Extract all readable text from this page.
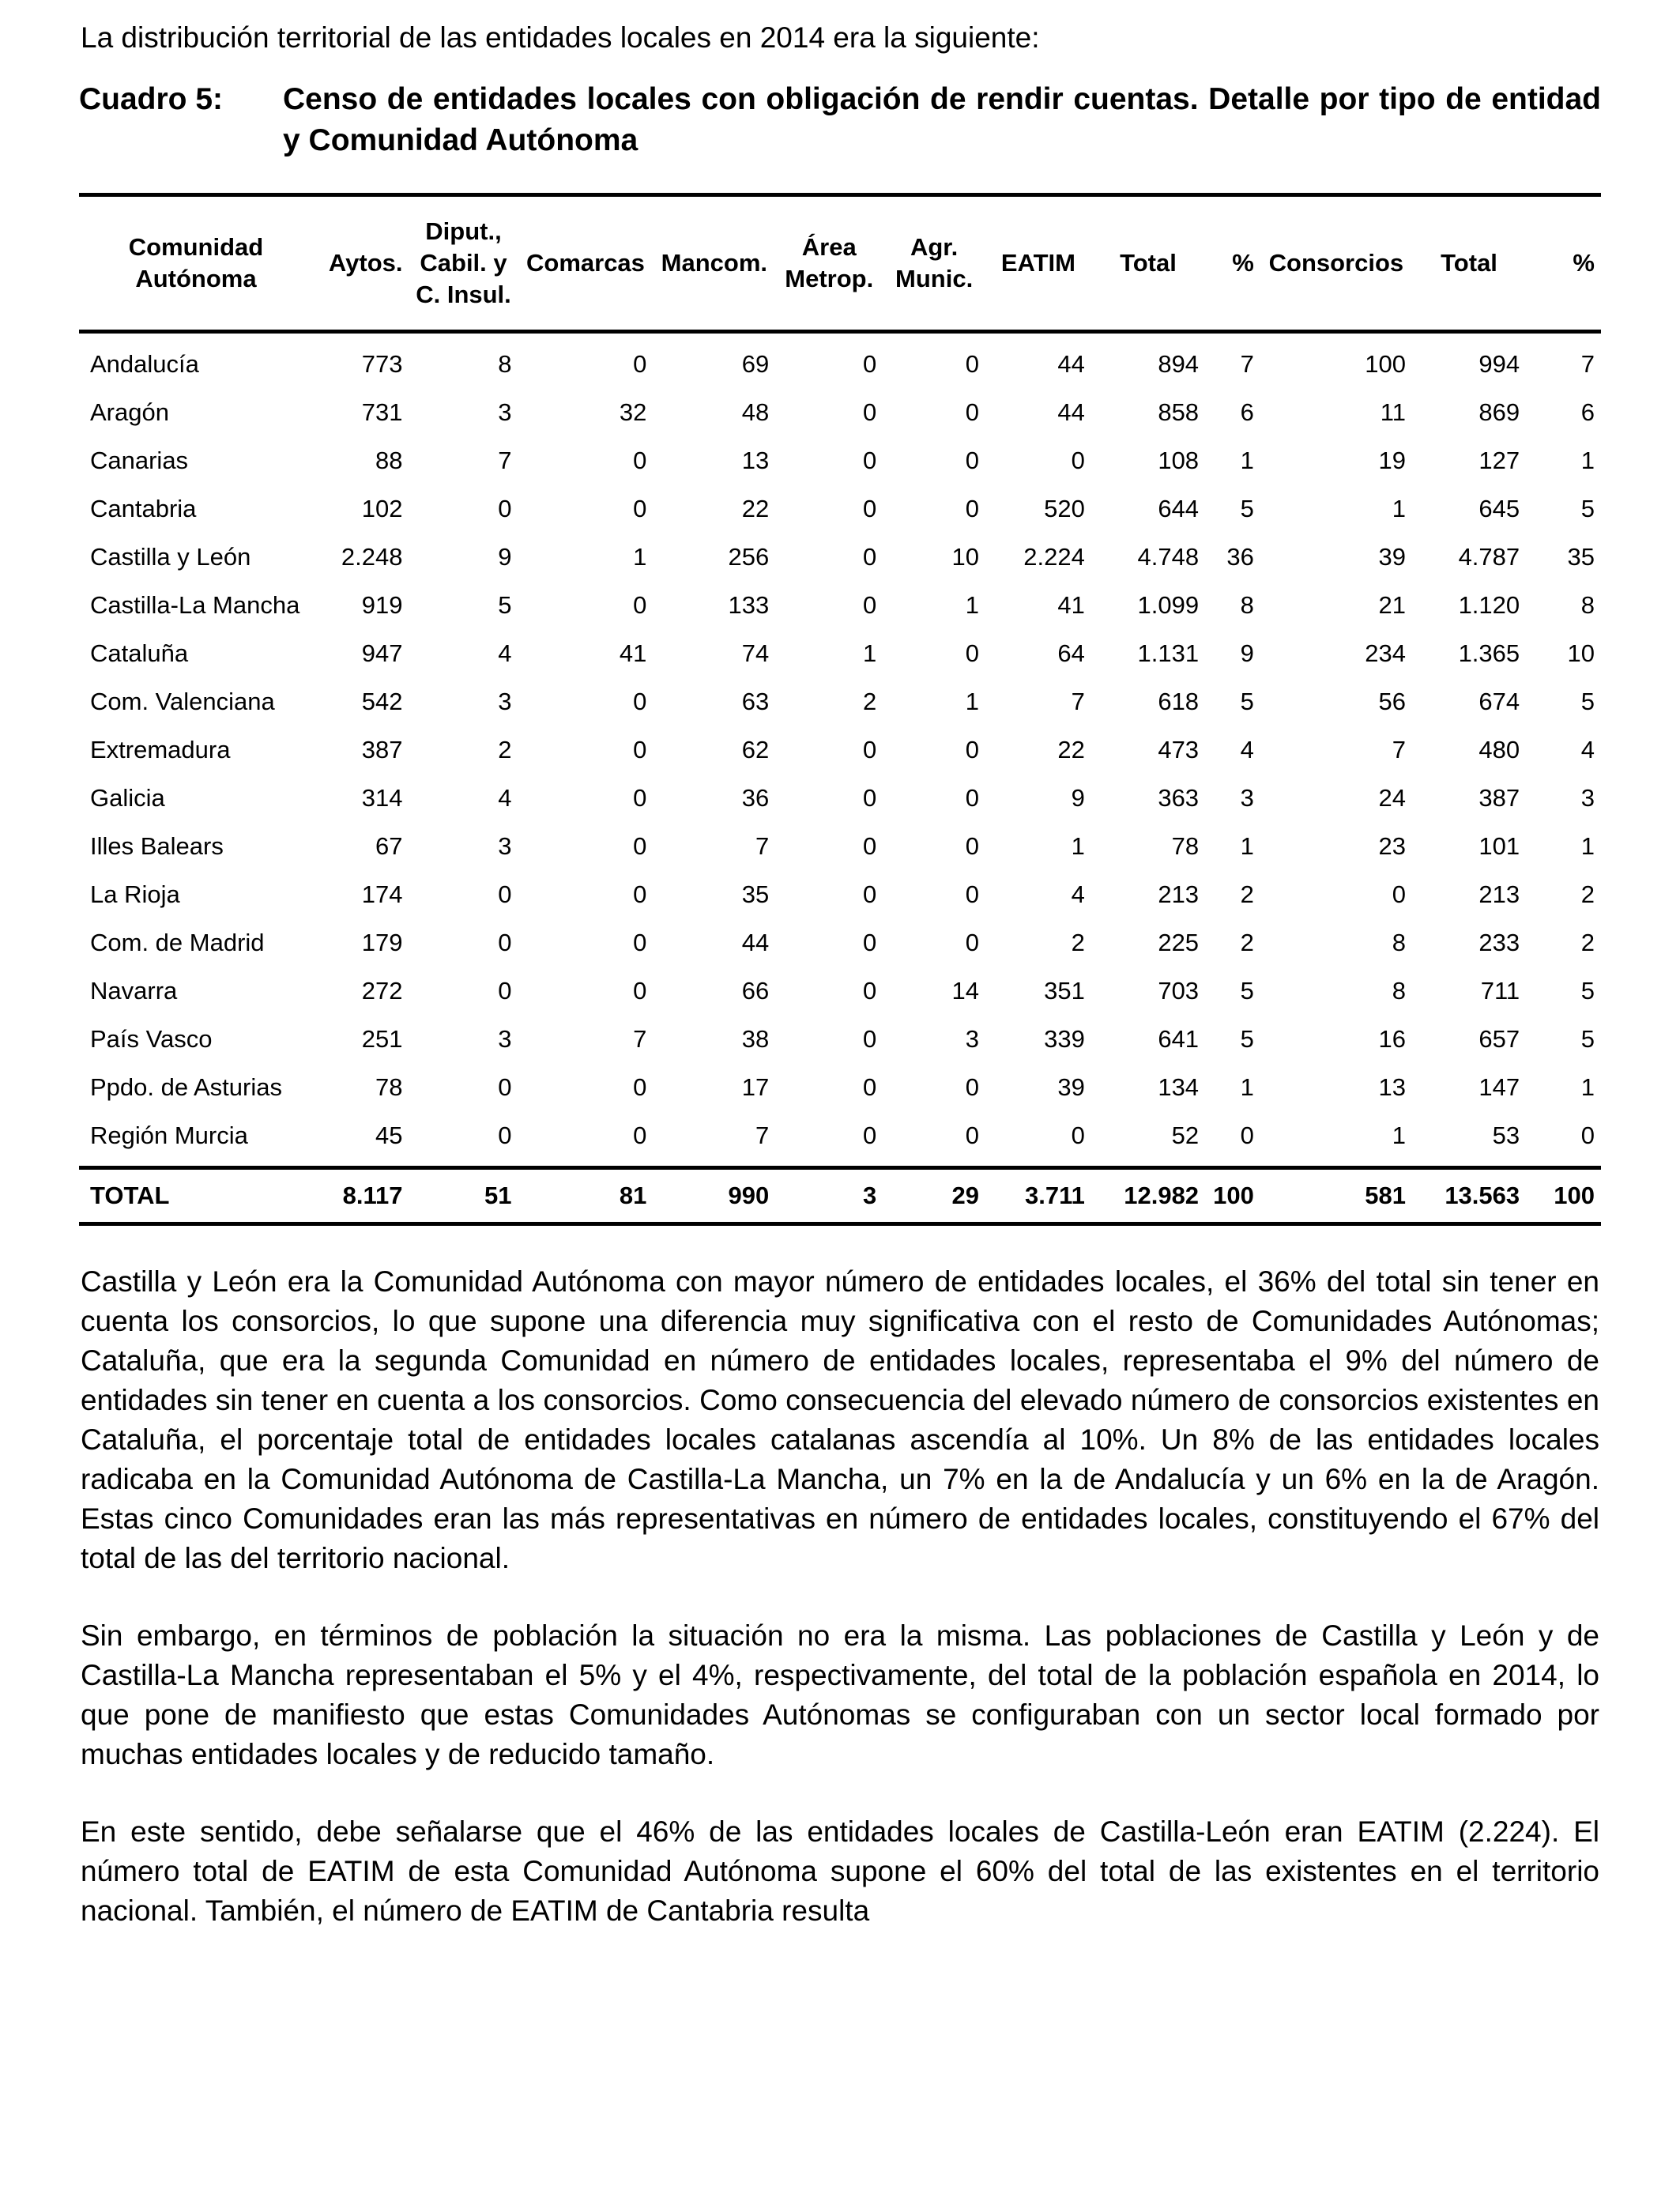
La distribución territorial de las entidades locales en 2014 era la siguiente:
Cuadro 5:	Censo de entidades locales con obligación de rendir cuentas. Detalle por tipo de entidad y Comunidad Autónoma
Comunidad Autónoma	Aytos.	Diput., Cabil. y C. Insul.	Comarcas	Mancom.	Área Metrop.	Agr. Munic.	EATIM	Total	%	Consorcios	Total	%
Andalucía	773	8	0	69	0	0	44	894	7	100	994	7
Aragón	731	3	32	48	0	0	44	858	6	11	869	6
Canarias	88	7	0	13	0	0	0	108	1	19	127	1
Cantabria	102	0	0	22	0	0	520	644	5	1	645	5
Castilla y León	2.248	9	1	256	0	10	2.224	4.748	36	39	4.787	35
Castilla-La Mancha	919	5	0	133	0	1	41	1.099	8	21	1.120	8
Cataluña	947	4	41	74	1	0	64	1.131	9	234	1.365	10
Com. Valenciana	542	3	0	63	2	1	7	618	5	56	674	5
Extremadura	387	2	0	62	0	0	22	473	4	7	480	4
Galicia	314	4	0	36	0	0	9	363	3	24	387	3
Illes Balears	67	3	0	7	0	0	1	78	1	23	101	1
La Rioja	174	0	0	35	0	0	4	213	2	0	213	2
Com. de Madrid	179	0	0	44	0	0	2	225	2	8	233	2
Navarra	272	0	0	66	0	14	351	703	5	8	711	5
País Vasco	251	3	7	38	0	3	339	641	5	16	657	5
Ppdo. de Asturias	78	0	0	17	0	0	39	134	1	13	147	1
Región Murcia	45	0	0	7	0	0	0	52	0	1	53	0
TOTAL	8.117	51	81	990	3	29	3.711	12.982	100	581	13.563	100

Castilla y León era la Comunidad Autónoma con mayor número de entidades locales, el 36% del total sin tener en cuenta los consorcios, lo que supone una diferencia muy significativa con el resto de Comunidades Autónomas; Cataluña, que era la segunda Comunidad en número de entidades locales, representaba el 9% del número de entidades sin tener en cuenta a los consorcios. Como consecuencia del elevado número de consorcios existentes en Cataluña, el porcentaje total de entidades locales catalanas ascendía al 10%. Un 8% de las entidades locales radicaba en la Comunidad Autónoma de Castilla-La Mancha, un 7% en la de Andalucía y un 6% en la de Aragón. Estas cinco Comunidades eran las más representativas en número de entidades locales, constituyendo el 67% del total de las del territorio nacional.

Sin embargo, en términos de población la situación no era la misma. Las poblaciones de Castilla y León y de Castilla-La Mancha representaban el 5% y el 4%, respectivamente, del total de la población española en 2014, lo que pone de manifiesto que estas Comunidades Autónomas se configuraban con un sector local formado por muchas entidades locales y de reducido tamaño.

En este sentido, debe señalarse que el 46% de las entidades locales de Castilla-León eran EATIM (2.224). El número total de EATIM de esta Comunidad Autónoma supone el 60% del total de las existentes en el territorio nacional. También, el número de EATIM de Cantabria resulta
